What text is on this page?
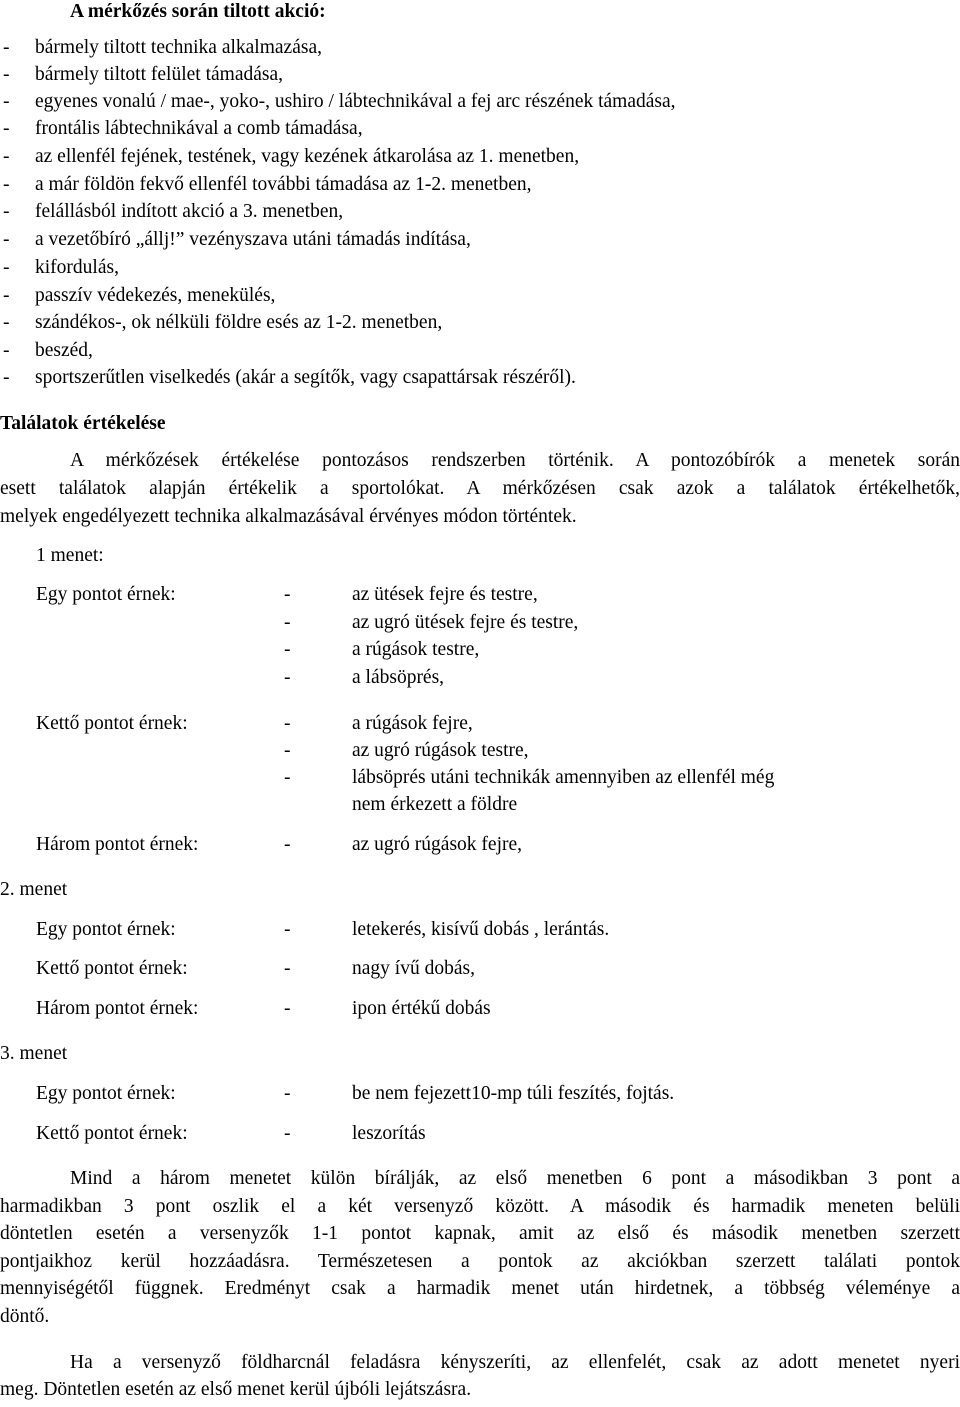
A mérkőzés során tiltott akció:
- bármely tiltott technika alkalmazása,
- bármely tiltott felület támadása,
- egyenes vonalú / mae-, yoko-, ushiro / lábtechnikával a fej arc részének támadása,
- frontális lábtechnikával a comb támadása,
- az ellenfél fejének, testének, vagy kezének átkarolása az 1. menetben,
- a már földön fekvő ellenfél további támadása az 1-2. menetben,
- felállásból indított akció a 3. menetben,
- a vezetőbíró „állj!” vezényszava utáni támadás indítása,
- kifordulás,
- passzív védekezés, menekülés,
- szándékos-, ok nélküli földre esés az 1-2. menetben,
- beszéd,
- sportszerűtlen viselkedés (akár a segítők, vagy csapattársak részéről).
Találatok értékelése
A mérkőzések értékelése pontozásos rendszerben történik. A pontozóbírók a menetek során
esett találatok alapján értékelik a sportolókat. A mérkőzésen csak azok a találatok értékelhetők,
melyek engedélyezett technika alkalmazásával érvényes módon történtek.
1 menet:
Egy pontot érnek:	-	az ütések fejre és testre,
-	az ugró ütések fejre és testre,
-	a rúgások testre,
-	a lábsöprés,
Kettő pontot érnek:	-	a rúgások fejre,
-	az ugró rúgások testre,
-	lábsöprés utáni technikák amennyiben az ellenfél még
nem érkezett a földre
Három pontot érnek:	-	az ugró rúgások fejre,
2. menet
Egy pontot érnek:	-	letekerés, kisívű dobás , lerántás.
Kettő pontot érnek:	-	nagy ívű dobás,
Három pontot érnek:	-	ipon értékű dobás
3. menet
Egy pontot érnek:	-	be nem fejezett10-mp túli feszítés, fojtás.
Kettő pontot érnek:	-	leszorítás
Mind a három menetet külön bírálják, az első menetben 6 pont a másodikban 3 pont a
harmadikban 3 pont oszlik el a két versenyző között. A második és harmadik meneten belüli
döntetlen esetén a versenyzők 1-1 pontot kapnak, amit az első és második menetben szerzett
pontjaikhoz kerül hozzáadásra. Természetesen a pontok az akciókban szerzett találati pontok
mennyiségétől függnek. Eredményt csak a harmadik menet után hirdetnek, a többség véleménye a
döntő.
Ha a versenyző földharcnál feladásra kényszeríti, az ellenfelét, csak az adott menetet nyeri
meg. Döntetlen esetén az első menet kerül újbóli lejátszásra.
